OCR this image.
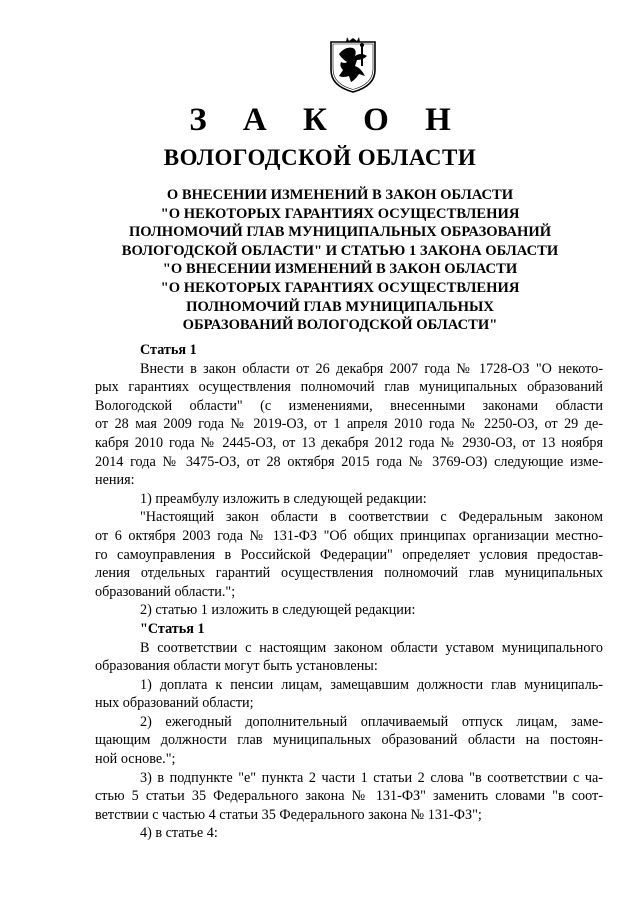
З А К О Н
ВОЛОГОДСКОЙ ОБЛАСТИ
О ВНЕСЕНИИ ИЗМЕНЕНИЙ В ЗАКОН ОБЛАСТИ
"О НЕКОТОРЫХ ГАРАНТИЯХ ОСУЩЕСТВЛЕНИЯ
ПОЛНОМОЧИЙ ГЛАВ МУНИЦИПАЛЬНЫХ ОБРАЗОВАНИЙ
ВОЛОГОДСКОЙ ОБЛАСТИ" И СТАТЬЮ 1 ЗАКОНА ОБЛАСТИ
"О ВНЕСЕНИИ ИЗМЕНЕНИЙ В ЗАКОН ОБЛАСТИ
"О НЕКОТОРЫХ ГАРАНТИЯХ ОСУЩЕСТВЛЕНИЯ
ПОЛНОМОЧИЙ ГЛАВ МУНИЦИПАЛЬНЫХ
ОБРАЗОВАНИЙ ВОЛОГОДСКОЙ ОБЛАСТИ"
Статья 1
Внести в закон области от 26 декабря 2007 года № 1728-ОЗ "О некото-
рых гарантиях осуществления полномочий глав муниципальных образований
Вологодской области" (с изменениями, внесенными законами области
от 28 мая 2009 года № 2019-ОЗ, от 1 апреля 2010 года № 2250-ОЗ, от 29 де-
кабря 2010 года № 2445-ОЗ, от 13 декабря 2012 года № 2930-ОЗ, от 13 ноября
2014 года № 3475-ОЗ, от 28 октября 2015 года № 3769-ОЗ) следующие изме-
нения:
1) преамбулу изложить в следующей редакции:
"Настоящий закон области в соответствии с Федеральным законом
от 6 октября 2003 года № 131-ФЗ "Об общих принципах организации местно-
го самоуправления в Российской Федерации" определяет условия предостав-
ления отдельных гарантий осуществления полномочий глав муниципальных
образований области.";
2) статью 1 изложить в следующей редакции:
"Статья 1
В соответствии с настоящим законом области уставом муниципального
образования области могут быть установлены:
1) доплата к пенсии лицам, замещавшим должности глав муниципаль-
ных образований области;
2) ежегодный дополнительный оплачиваемый отпуск лицам, заме-
щающим должности глав муниципальных образований области на постоян-
ной основе.";
3) в подпункте "е" пункта 2 части 1 статьи 2 слова "в соответствии с ча-
стью 5 статьи 35 Федерального закона № 131-ФЗ" заменить словами "в соот-
ветствии с частью 4 статьи 35 Федерального закона № 131-ФЗ";
4) в статье 4:
